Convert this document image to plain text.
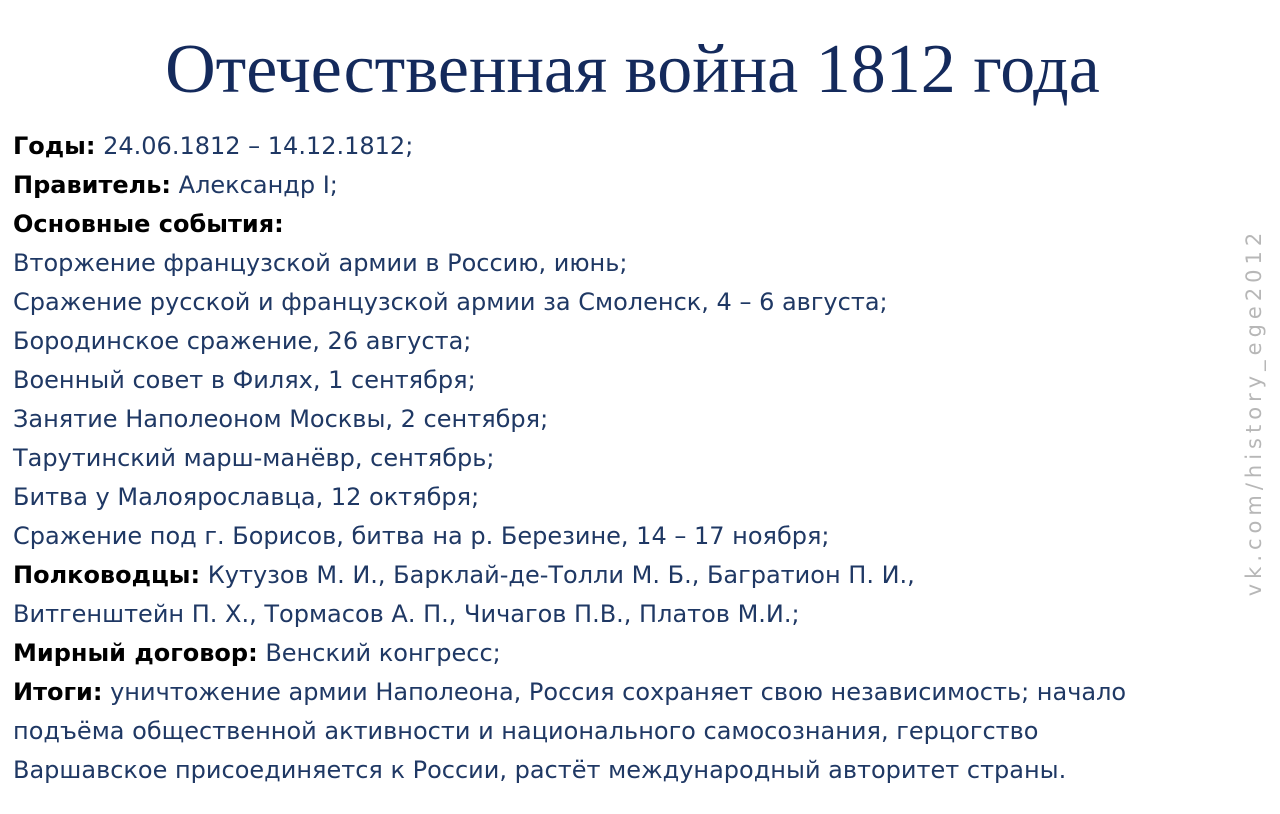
Отечественная война 1812 года
Годы: 24.06.1812 – 14.12.1812;
Правитель: Александр I;
Основные события:
Вторжение французской армии в Россию, июнь;
Сражение русской и французской армии за Смоленск, 4 – 6 августа;
Бородинское сражение, 26 августа;
Военный совет в Филях, 1 сентября;
Занятие Наполеоном Москвы, 2 сентября;
Тарутинский марш-манёвр, сентябрь;
Битва у Малоярославца, 12 октября;
Сражение под г. Борисов, битва на р. Березине, 14 – 17 ноября;
Полководцы: Кутузов М. И., Барклай-де-Толли М. Б., Багратион П. И.,
Витгенштейн П. Х., Тормасов А. П., Чичагов П.В., Платов М.И.;
Мирный договор: Венский конгресс;
Итоги: уничтожение армии Наполеона, Россия сохраняет свою независимость; начало
подъёма общественной активности и национального самосознания, герцогство
Варшавское присоединяется к России, растёт международный авторитет страны.
vk.com/history_ege2012
